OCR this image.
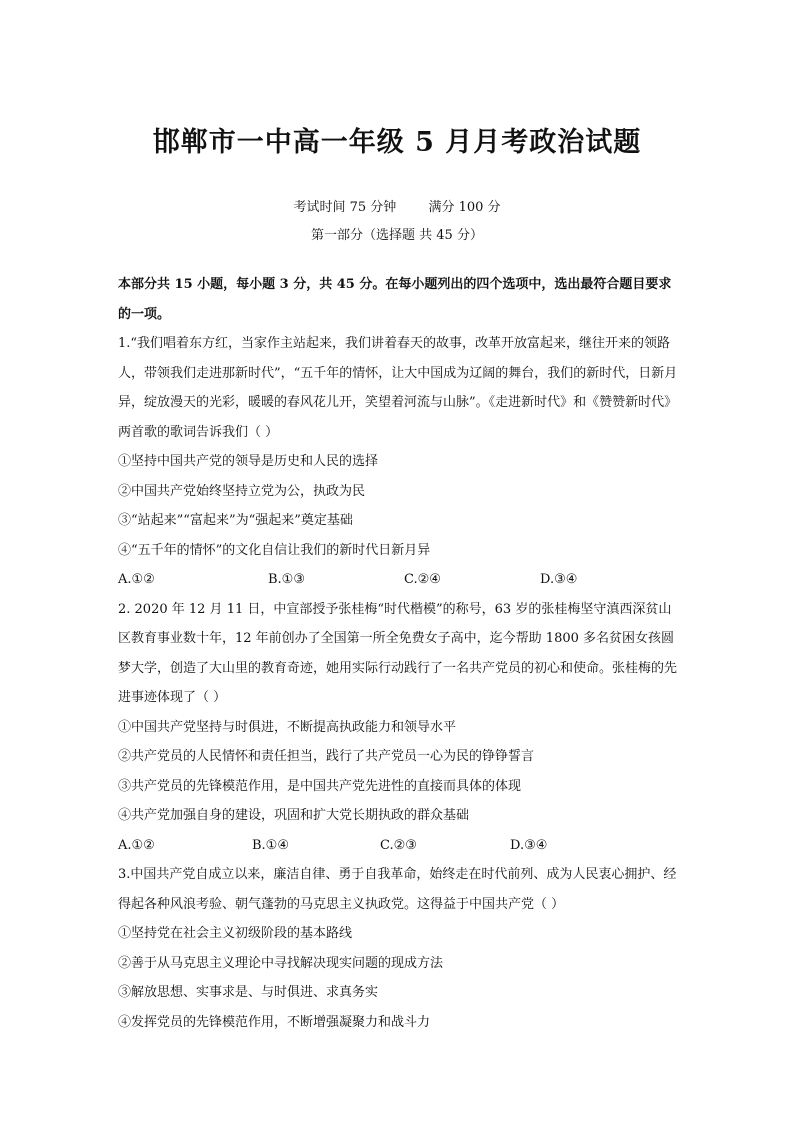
邯郸市一中高一年级 5 月月考政治试题
考试时间 75 分钟 满分 100 分
第一部分（选择题 共 45 分）

本部分共 15 小题，每小题 3 分，共 45 分。在每小题列出的四个选项中，选出最符合题目要求的一项。

1.“我们唱着东方红，当家作主站起来，我们讲着春天的故事，改革开放富起来，继往开来的领路人，带领我们走进那新时代”，“五千年的情怀，让大中国成为辽阔的舞台，我们的新时代，日新月异，绽放漫天的光彩，暖暖的春风花儿开，笑望着河流与山脉”。《走进新时代》和《赞赞新时代》两首歌的歌词告诉我们（ ）

①坚持中国共产党的领导是历史和人民的选择

②中国共产党始终坚持立党为公，执政为民

③“站起来”“富起来”为“强起来”奠定基础

④“五千年的情怀”的文化自信让我们的新时代日新月异

A.①②	B.①③	C.②④	D.③④

2. 2020 年 12 月 11 日，中宣部授予张桂梅“时代楷模”的称号，63 岁的张桂梅坚守滇西深贫山区教育事业数十年，12 年前创办了全国第一所全免费女子高中，迄今帮助 1800 多名贫困女孩圆梦大学，创造了大山里的教育奇迹，她用实际行动践行了一名共产党员的初心和使命。张桂梅的先进事迹体现了（ ）

①中国共产党坚持与时俱进，不断提高执政能力和领导水平

②共产党员的人民情怀和责任担当，践行了共产党员一心为民的铮铮誓言

③共产党员的先锋模范作用，是中国共产党先进性的直接而具体的体现

④共产党加强自身的建设，巩固和扩大党长期执政的群众基础

A.①②	B.①④	C.②③	D.③④

3.中国共产党自成立以来，廉洁自律、勇于自我革命，始终走在时代前列、成为人民衷心拥护、经得起各种风浪考验、朝气蓬勃的马克思主义执政党。这得益于中国共产党（ ）

①坚持党在社会主义初级阶段的基本路线

②善于从马克思主义理论中寻找解决现实问题的现成方法

③解放思想、实事求是、与时俱进、求真务实

④发挥党员的先锋模范作用，不断增强凝聚力和战斗力
